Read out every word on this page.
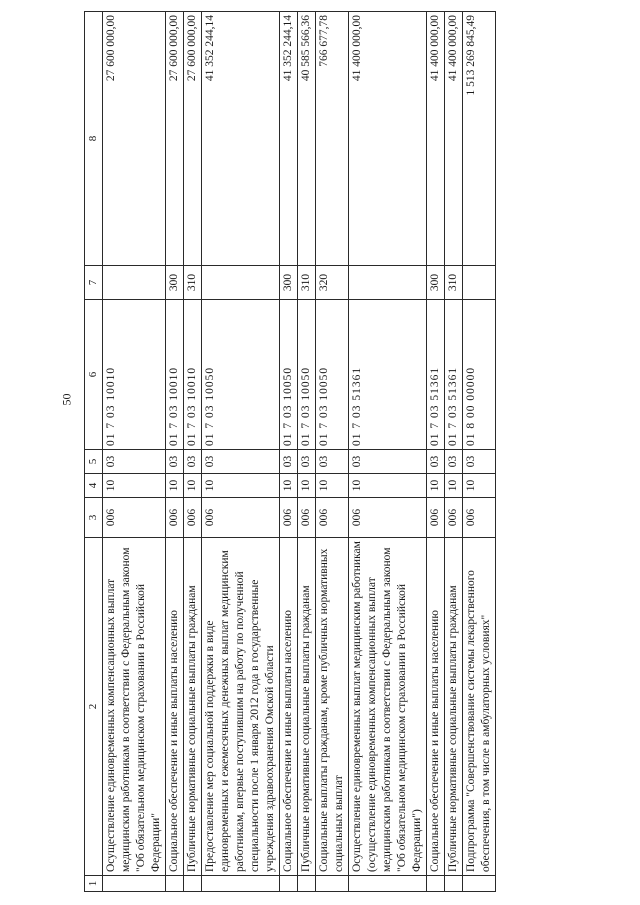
50
1	2	3	4	5	6	7	8
	Осуществление единовременных компенсационных выплат медицинским работникам в соответствии с Федеральным законом "Об обязательном медицинском страховании в Российской Федерации"	006	10	03	01 7 03 10010		27 600 000,00
	Социальное обеспечение и иные выплаты населению	006	10	03	01 7 03 10010	300	27 600 000,00
	Публичные нормативные социальные выплаты гражданам	006	10	03	01 7 03 10010	310	27 600 000,00
	Предоставление мер социальной поддержки в виде единовременных и ежемесячных денежных выплат медицинским работникам, впервые поступившим на работу по полученной специальности после 1 января 2012 года в государственные учреждения здравоохранения Омской области	006	10	03	01 7 03 10050		41 352 244,14
	Социальное обеспечение и иные выплаты населению	006	10	03	01 7 03 10050	300	41 352 244,14
	Публичные нормативные социальные выплаты гражданам	006	10	03	01 7 03 10050	310	40 585 566,36
	Социальные выплаты гражданам, кроме публичных нормативных социальных выплат	006	10	03	01 7 03 10050	320	766 677,78
	Осуществление единовременных выплат медицинским работникам (осуществление единовременных компенсационных выплат медицинским работникам в соответствии с Федеральным законом "Об обязательном медицинском страховании в Российской Федерации")	006	10	03	01 7 03 51361		41 400 000,00
	Социальное обеспечение и иные выплаты населению	006	10	03	01 7 03 51361	300	41 400 000,00
	Публичные нормативные социальные выплаты гражданам	006	10	03	01 7 03 51361	310	41 400 000,00
	Подпрограмма "Совершенствование системы лекарственного обеспечения, в том числе в амбулаторных условиях"	006	10	03	01 8 00 00000		1 513 269 845,49
